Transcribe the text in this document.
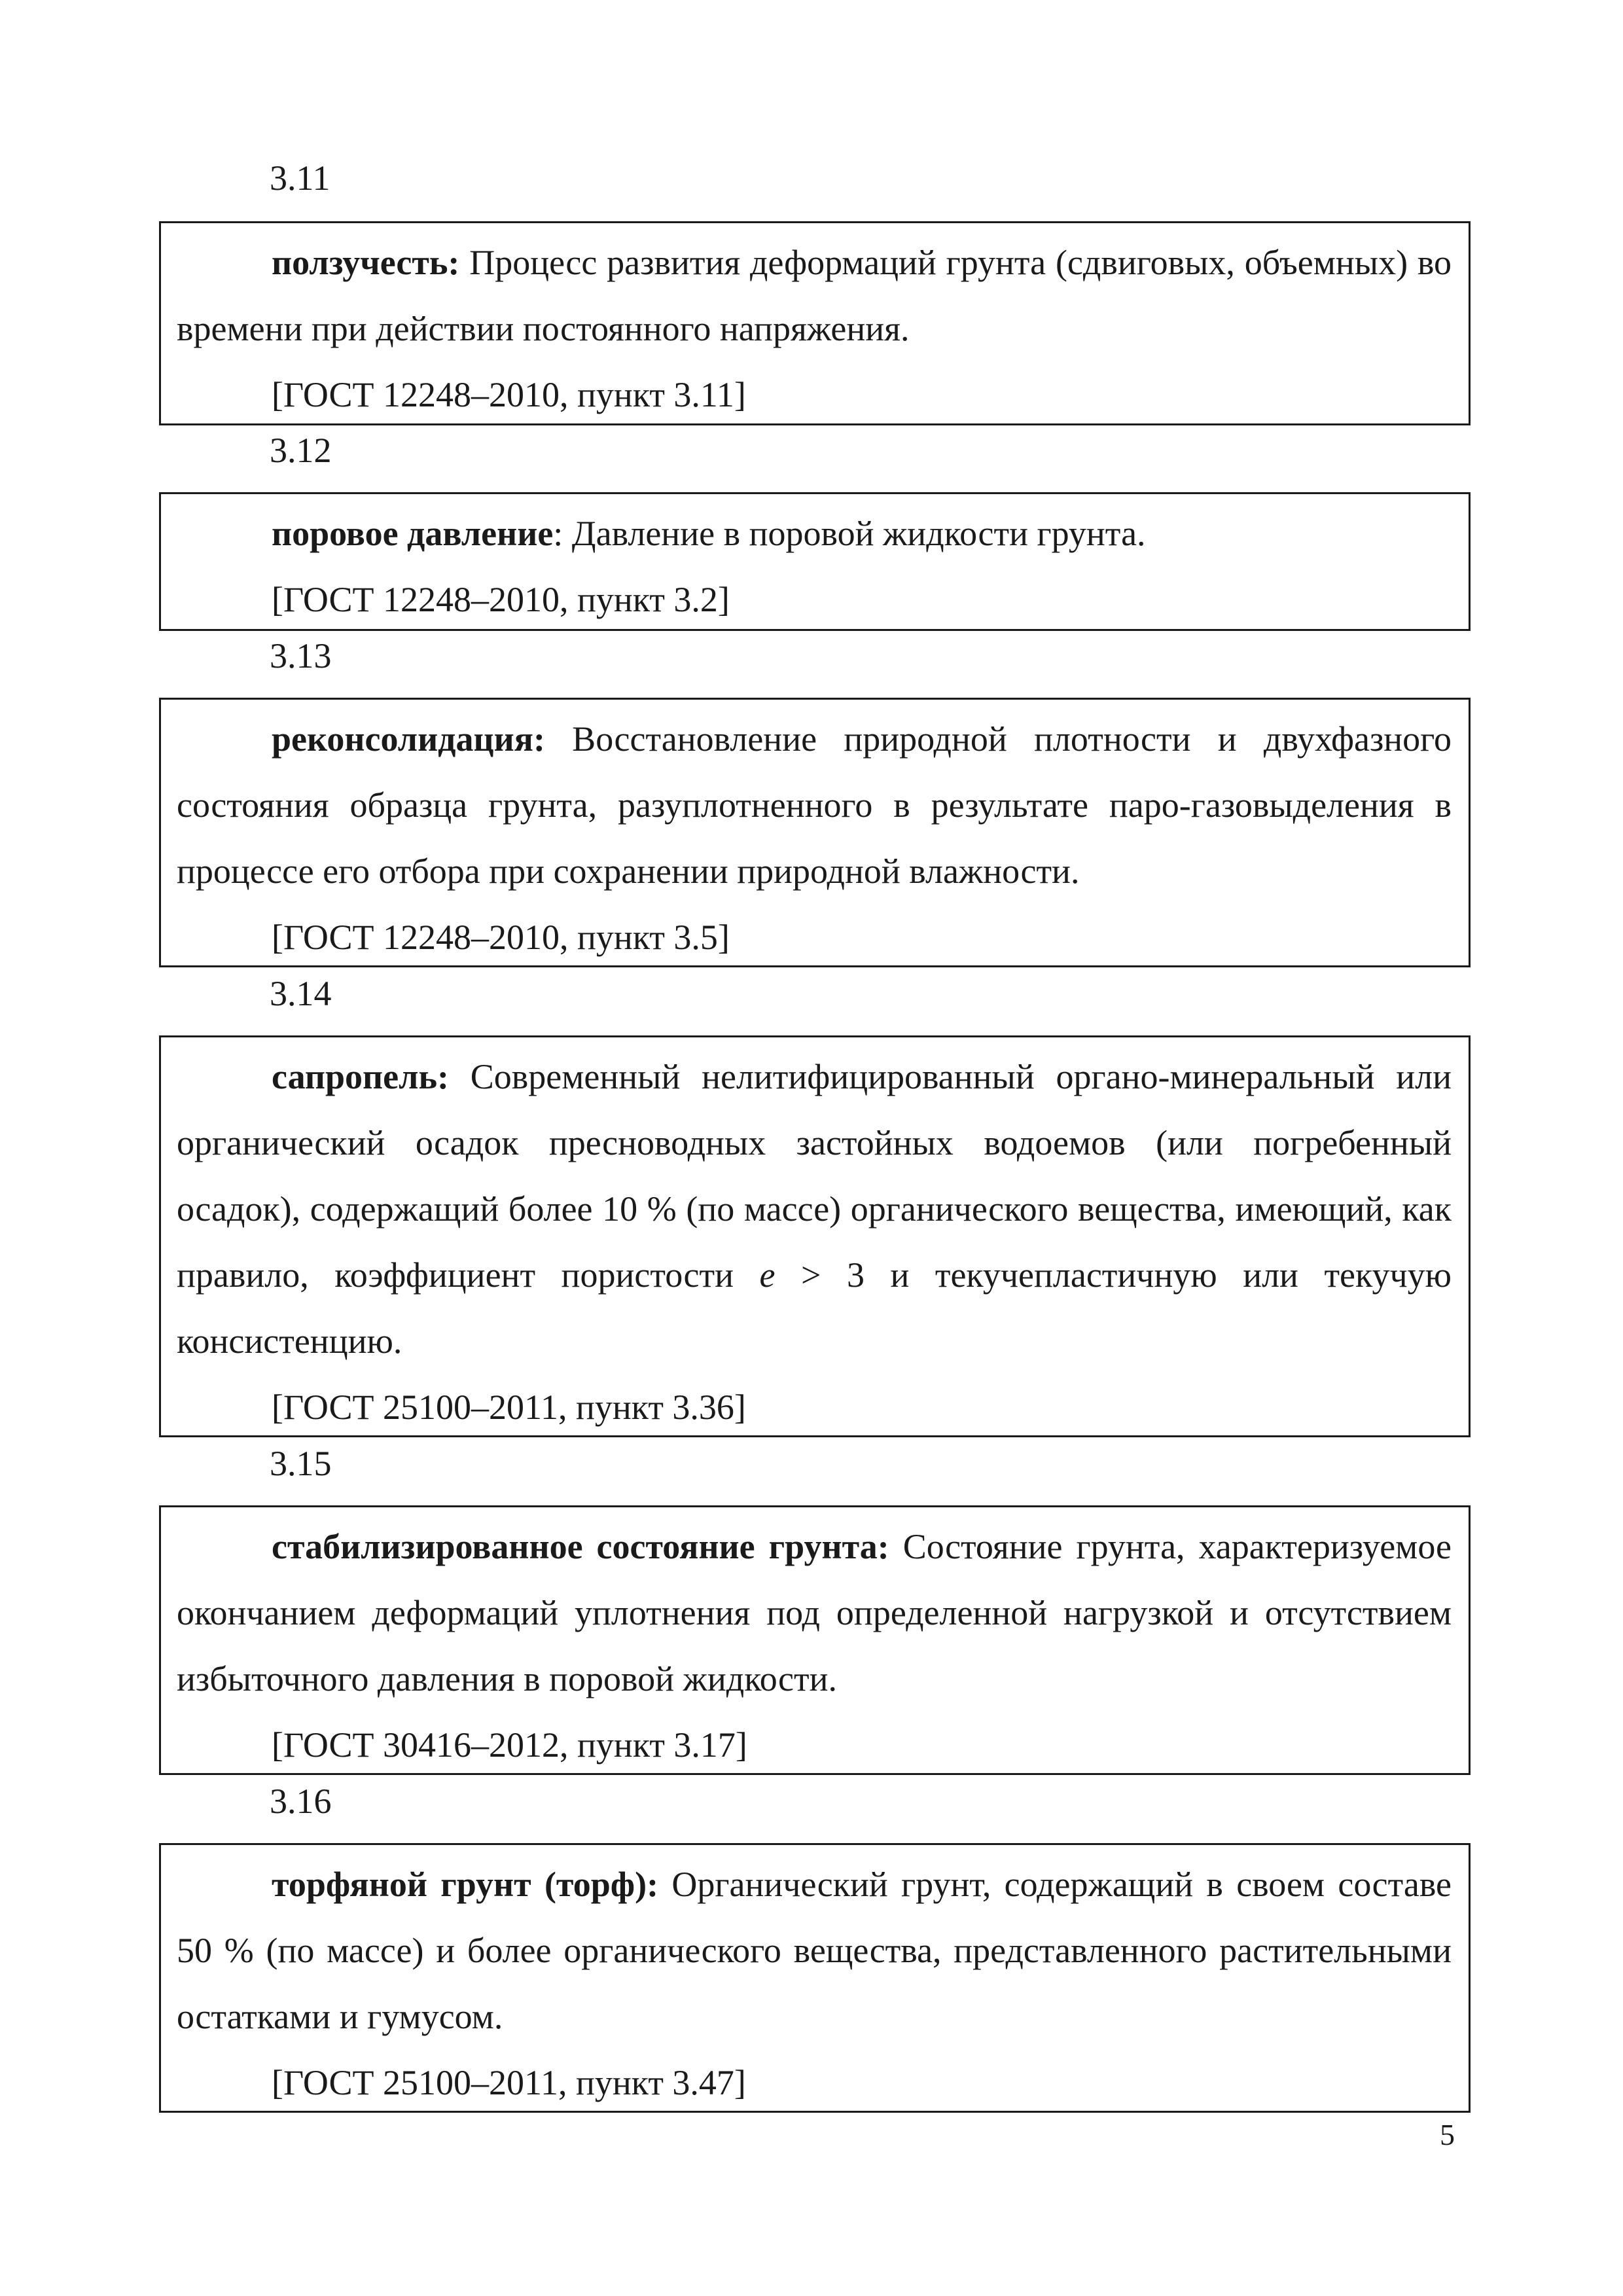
3.11

ползучесть: Процесс развития деформаций грунта (сдвиговых, объемных) во времени при действии постоянного напряжения.

[ГОСТ 12248–2010, пункт 3.11]

3.12

поровое давление: Давление в поровой жидкости грунта.

[ГОСТ 12248–2010, пункт 3.2]

3.13

реконсолидация: Восстановление природной плотности и двухфазного состояния образца грунта, разуплотненного в результате паро-газовыделения в процессе его отбора при сохранении природной влажности.

[ГОСТ 12248–2010, пункт 3.5]

3.14

сапропель: Современный нелитифицированный органо-минеральный или органический осадок пресноводных застойных водоемов (или погребенный осадок), содержащий более 10 % (по массе) органического вещества, имеющий, как правило, коэффициент пористости e > 3 и текучепластичную или текучую консистенцию.

[ГОСТ 25100–2011, пункт 3.36]

3.15

стабилизированное состояние грунта: Состояние грунта, характеризуемое окончанием деформаций уплотнения под определенной нагрузкой и отсутствием избыточного давления в поровой жидкости.

[ГОСТ 30416–2012, пункт 3.17]

3.16

торфяной грунт (торф): Органический грунт, содержащий в своем составе 50 % (по массе) и более органического вещества, представленного растительными остатками и гумусом.

[ГОСТ 25100–2011, пункт 3.47]

5
